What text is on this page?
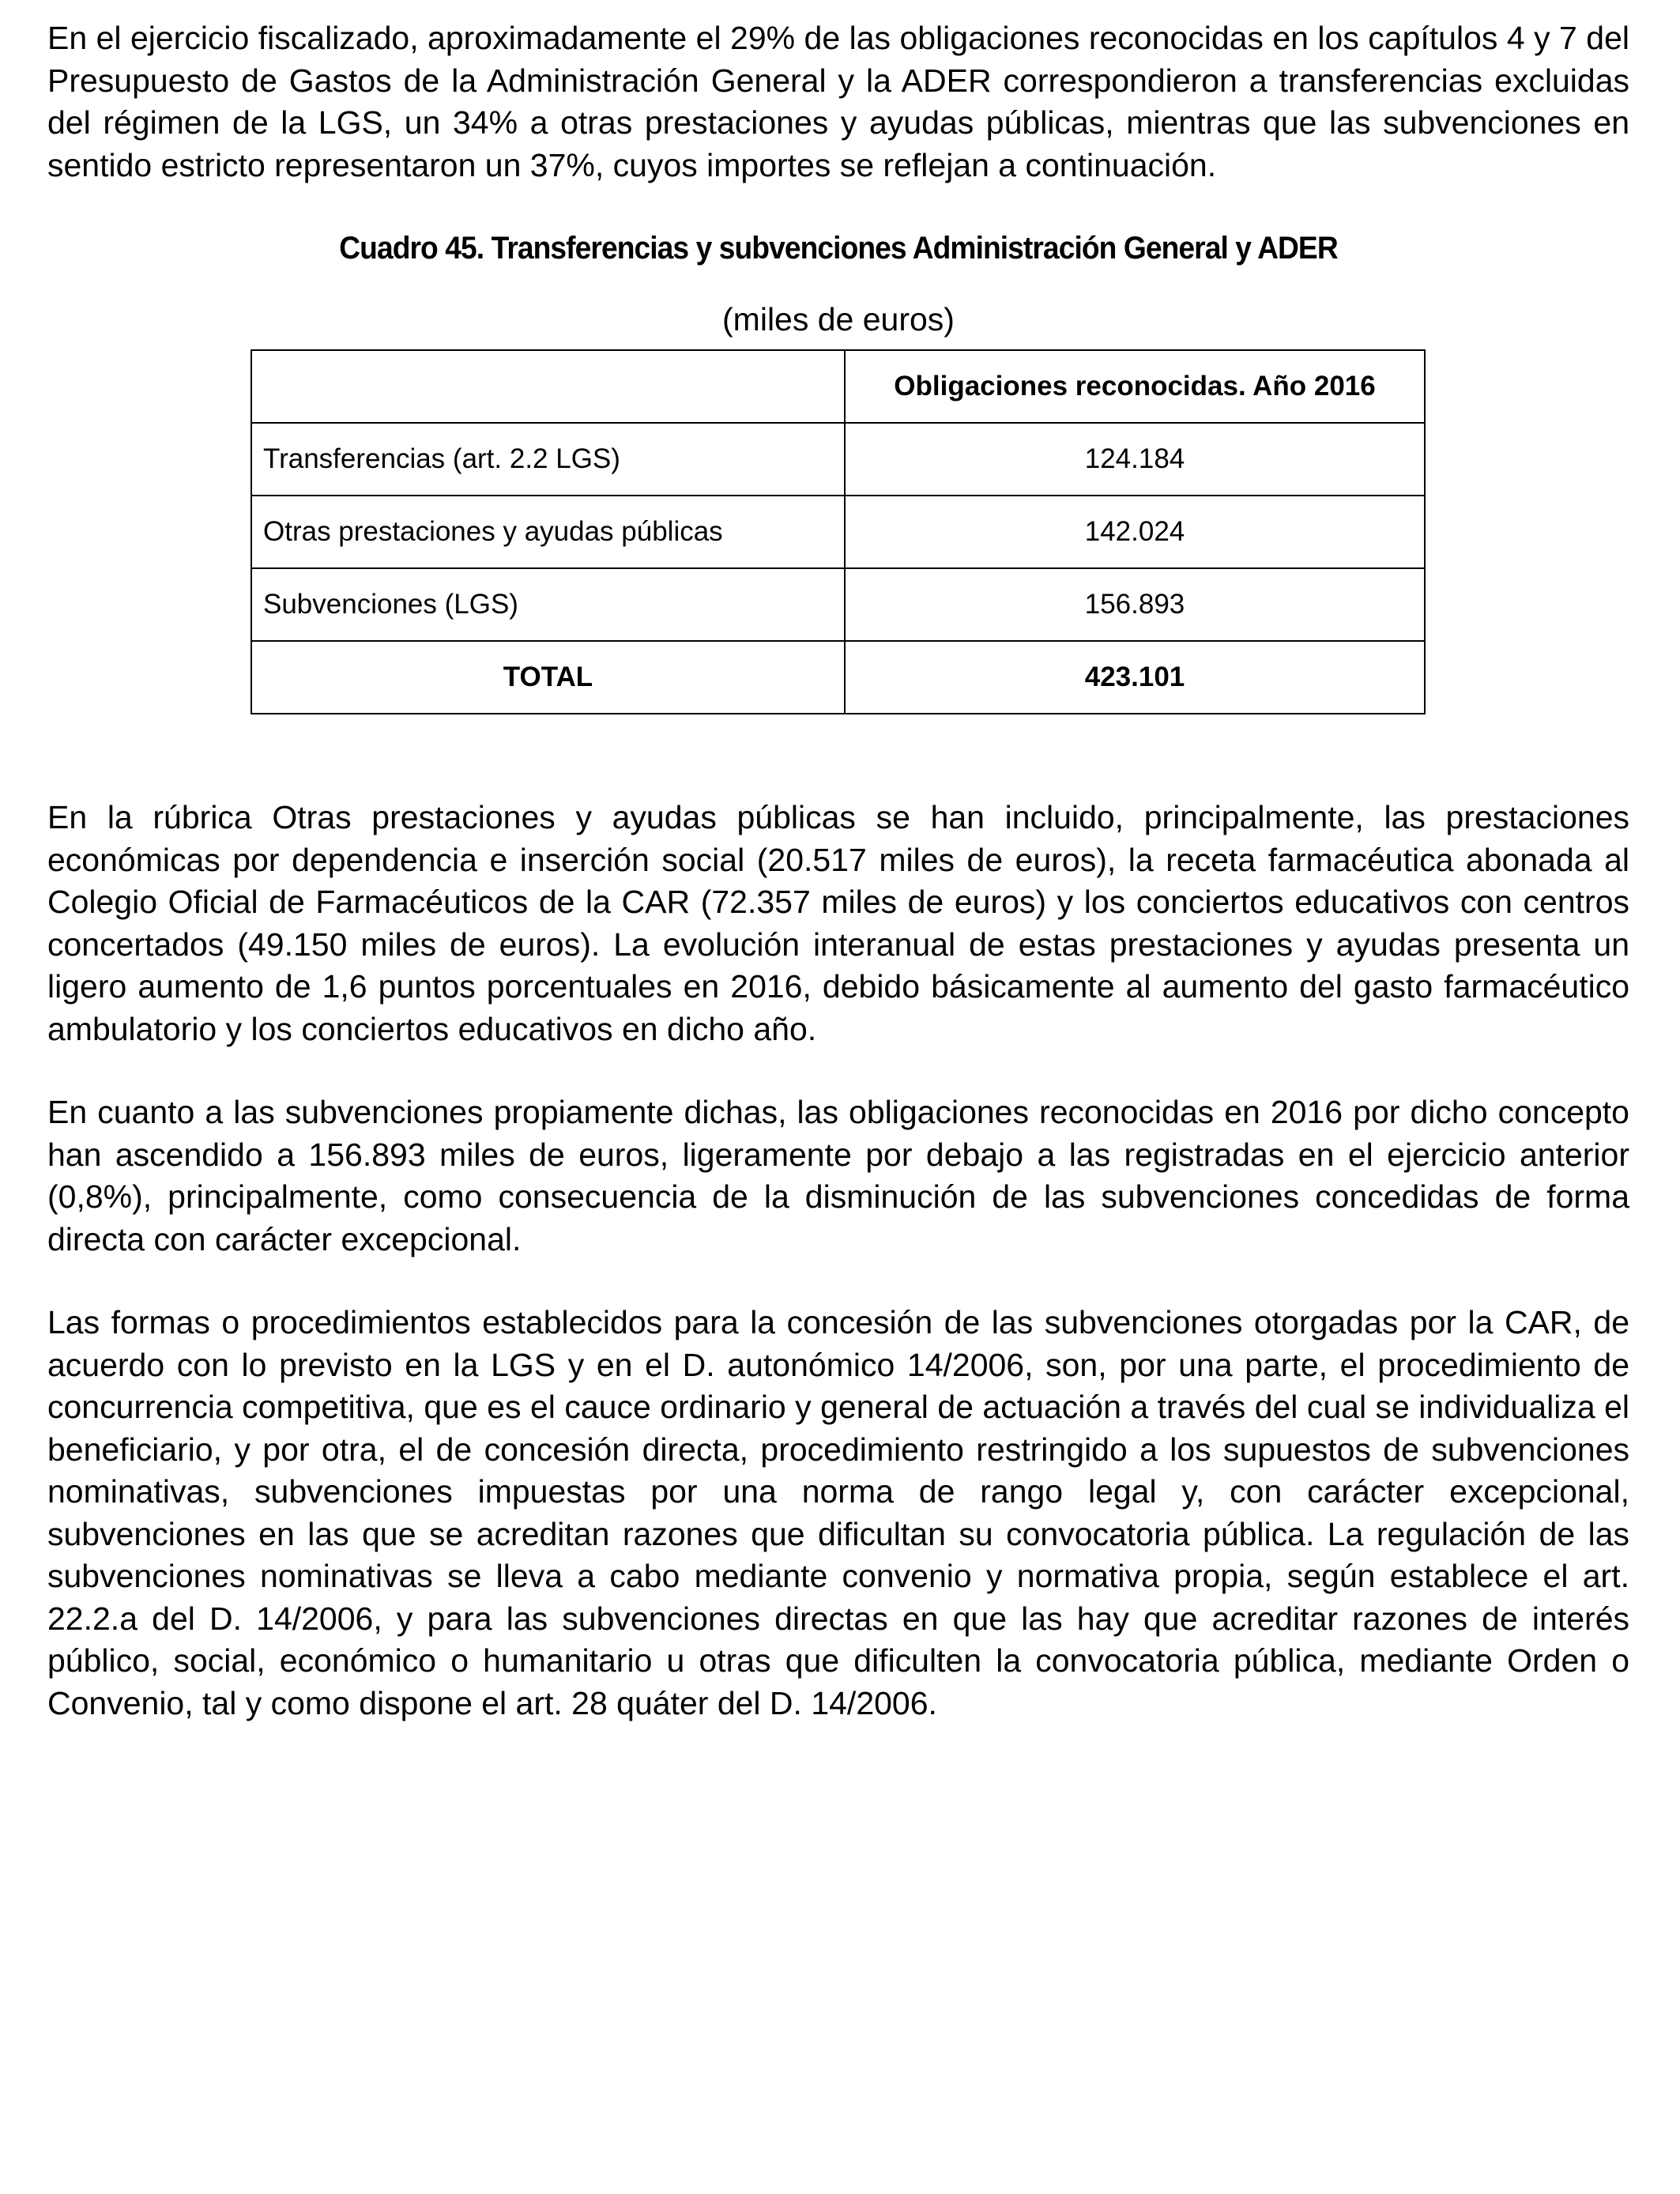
En el ejercicio fiscalizado, aproximadamente el 29% de las obligaciones reconocidas en los capítulos 4 y 7 del Presupuesto de Gastos de la Administración General y la ADER correspondieron a transferencias excluidas del régimen de la LGS, un 34% a otras prestaciones y ayudas públicas, mientras que las subvenciones en sentido estricto representaron un 37%, cuyos importes se reflejan a continuación.

Cuadro 45. Transferencias y subvenciones Administración General y ADER

(miles de euros)

	Obligaciones reconocidas. Año 2016
Transferencias (art. 2.2 LGS)	124.184
Otras prestaciones y ayudas públicas	142.024
Subvenciones (LGS)	156.893
TOTAL	423.101

En la rúbrica Otras prestaciones y ayudas públicas se han incluido, principalmente, las prestaciones económicas por dependencia e inserción social (20.517 miles de euros), la receta farmacéutica abonada al Colegio Oficial de Farmacéuticos de la CAR (72.357 miles de euros) y los conciertos educativos con centros concertados (49.150 miles de euros). La evolución interanual de estas prestaciones y ayudas presenta un ligero aumento de 1,6 puntos porcentuales en 2016, debido básicamente al aumento del gasto farmacéutico ambulatorio y los conciertos educativos en dicho año.

En cuanto a las subvenciones propiamente dichas, las obligaciones reconocidas en 2016 por dicho concepto han ascendido a 156.893 miles de euros, ligeramente por debajo a las registradas en el ejercicio anterior (0,8%), principalmente, como consecuencia de la disminución de las subvenciones concedidas de forma directa con carácter excepcional.

Las formas o procedimientos establecidos para la concesión de las subvenciones otorgadas por la CAR, de acuerdo con lo previsto en la LGS y en el D. autonómico 14/2006, son, por una parte, el procedimiento de concurrencia competitiva, que es el cauce ordinario y general de actuación a través del cual se individualiza el beneficiario, y por otra, el de concesión directa, procedimiento restringido a los supuestos de subvenciones nominativas, subvenciones impuestas por una norma de rango legal y, con carácter excepcional, subvenciones en las que se acreditan razones que dificultan su convocatoria pública. La regulación de las subvenciones nominativas se lleva a cabo mediante convenio y normativa propia, según establece el art. 22.2.a del D. 14/2006, y para las subvenciones directas en que las hay que acreditar razones de interés público, social, económico o humanitario u otras que dificulten la convocatoria pública, mediante Orden o Convenio, tal y como dispone el art. 28 quáter del D. 14/2006.
